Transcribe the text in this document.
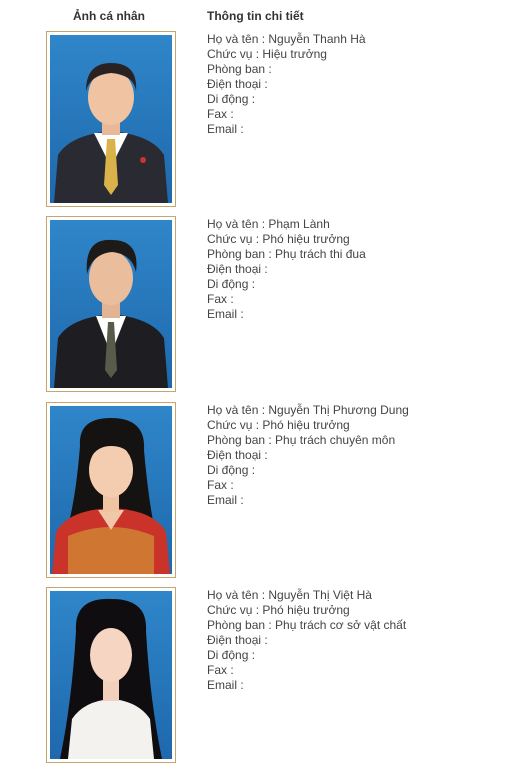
Ảnh cá nhân	Thông tin chi tiết
Họ và tên : Nguyễn Thanh Hà
Chức vụ : Hiệu trưởng
Phòng ban :
Điện thoại :
Di động :
Fax :
Email :
Họ và tên : Phạm Lành
Chức vụ : Phó hiệu trưởng
Phòng ban : Phụ trách thi đua
Điện thoại :
Di động :
Fax :
Email :
Họ và tên : Nguyễn Thị Phương Dung
Chức vụ : Phó hiệu trưởng
Phòng ban : Phụ trách chuyên môn
Điện thoại :
Di động :
Fax :
Email :
Họ và tên : Nguyễn Thị Việt Hà
Chức vụ : Phó hiệu trưởng
Phòng ban : Phụ trách cơ sở vật chất
Điện thoại :
Di động :
Fax :
Email :
